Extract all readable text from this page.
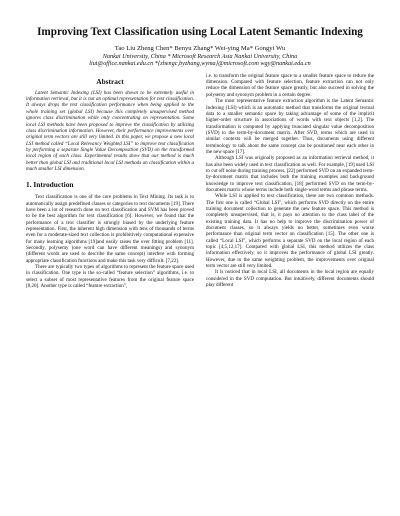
Improving Text Classification using Local Latent Semantic Indexing
Tao Liu Zheng Chen* Benyu Zhang* Wei-ying Ma* Gongyi Wu
Nankai University, China * Microsoft Research Asia Nankai University, China
liut@office.nankai.edu.cn *{zhengc,byzhang,wyma}@microsoft.com wgy@nankai.edu.cn
Abstract

Latent Semantic Indexing (LSI) has been shown to be extremely useful in information retrieval, but it is not an optimal representation for text classification. It always drops the text classification performance when being applied to the whole training set (global LSI) because this completely unsupervised method ignores class discrimination while only concentrating on representation. Some local LSI methods have been proposed to improve the classification by utilizing class discrimination information. However, their performance improvements over original term vectors are still very limited. In this paper, we propose a new local LSI method called “Local Relevancy Weighted LSI” to improve text classification by performing a separate Single Value Decomposition (SVD) on the transformed local region of each class. Experimental results show that our method is much better than global LSI and traditional local LSI methods on classification within a much smaller LSI dimension.

1. Introduction

Text classification is one of the core problems in Text Mining. Its task is to automatically assign predefined classes or categories to text documents [19]. There have been a lot of research done on text classification and SVM has been proved to be the best algorithm for text classification [6]. However, we found that the performance of a text classifier is strongly biased by the underlying feature representation. First, the inherent high dimension with tens of thousands of terms even for a moderate-sized text collection is prohibitively computational expensive for many learning algorithms [19]and easily raises the over fitting problem [11]. Secondly, polysemy (one word can have different meanings) and synonym (different words are used to describe the same concept) interfere with forming appropriate classification functions and make this task very difficult. [7,22].

There are typically two types of algorithms to represent the feature space used in classification. One type is the so-called “feature selection” algorithms, i.e. to select a subset of most representative features from the original feature space [8,20]. Another type is called “feature extraction”,

i.e. to transform the original feature space to a smaller feature space to reduce the dimension. Compared with feature selection, feature extraction can not only reduce the dimension of the feature space greatly, but also succeed in solving the polysemy and synonym problem in a certain degree.

The most representative feature extraction algorithm is the Latent Semantic Indexing (LSI) which is an automatic method that transforms the original textual data to a smaller semantic space by taking advantage of some of the implicit higher-order structure in associations of words with text objects [1,2]. The transformation is computed by applying truncated singular value decomposition (SVD) to the term-by-document matrix. After SVD, terms which are used in similar contexts will be merged together. Thus, documents using different terminology to talk about the same concept can be positioned near each other in the new space [17].

Although LSI was originally proposed as an information retrieval method, it has also been widely used in text classification as well. For example, [19] used LSI to cut off noise during training process, [22] performed SVD on an expanded term-by-document matrix that includes both the training examples and background knowledge to improve text classification, [18] performed SVD on the term-by-document matrix whose terms include both single-word terms and phrase terms.

While LSI is applied to text classification, there are two common methods. The first one is called “Global LSI”, which performs SVD directly on the entire training document collection to generate the new feature space. This method is completely unsupervised, that is, it pays no attention to the class label of the existing training data. It has no help to improve the discrimination power of document classes, so it always yields no better, sometimes even worse performance than original term vector on classification [15]. The other one is called “Local LSI”, which performs a separate SVD on the local region of each topic [4,5,12,17]. Compared with global LSI, this method utilizes the class information effectively, so it improves the performance of global LSI greatly. However, due to the same weighting problem, the improvements over original term vector are still very limited.

It is noticed that in local LSI, all documents in the local region are equally considered in the SVD computation. But intuitively, different documents should play different
